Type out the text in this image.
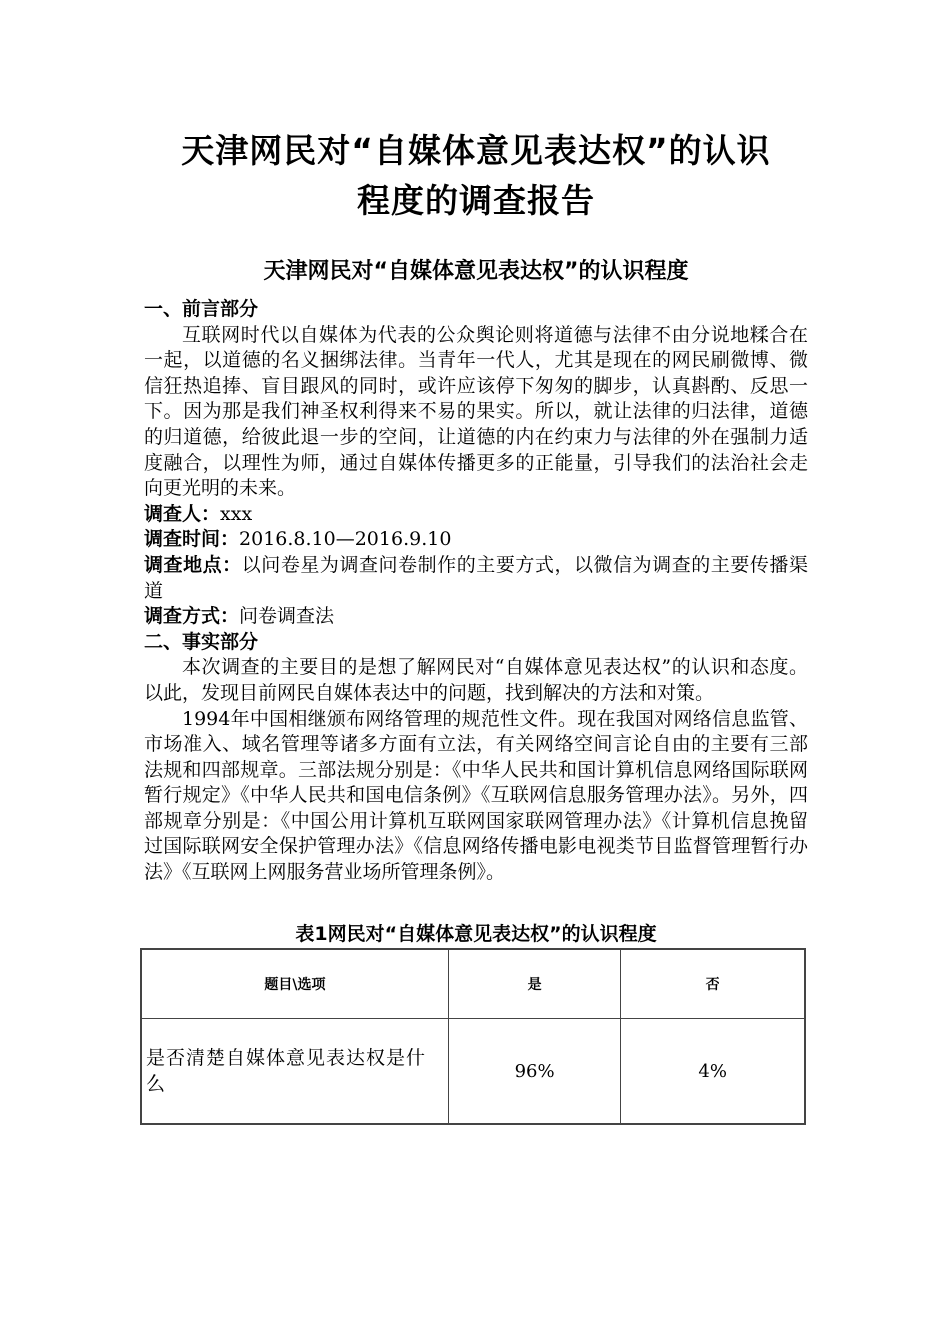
天津网民对“自媒体意见表达权”的认识
程度的调查报告
天津网民对“自媒体意见表达权”的认识程度

一、前言部分

互联网时代以自媒体为代表的公众舆论则将道德与法律不由分说地糅合在一起，以道德的名义捆绑法律。当青年一代人，尤其是现在的网民刷微博、微信狂热追捧、盲目跟风的同时，或许应该停下匆匆的脚步，认真斟酌、反思一下。因为那是我们神圣权利得来不易的果实。所以，就让法律的归法律，道德的归道德，给彼此退一步的空间，让道德的内在约束力与法律的外在强制力适度融合，以理性为师，通过自媒体传播更多的正能量，引导我们的法治社会走向更光明的未来。

调查人：xxx

调查时间：2016.8.10—2016.9.10

调查地点：以问卷星为调查问卷制作的主要方式，以微信为调查的主要传播渠道

调查方式：问卷调查法

二、事实部分

本次调查的主要目的是想了解网民对“自媒体意见表达权”的认识和态度。以此，发现目前网民自媒体表达中的问题，找到解决的方法和对策。

1994年中国相继颁布网络管理的规范性文件。现在我国对网络信息监管、市场准入、域名管理等诸多方面有立法，有关网络空间言论自由的主要有三部法规和四部规章。三部法规分别是：《中华人民共和国计算机信息网络国际联网暂行规定》《中华人民共和国电信条例》《互联网信息服务管理办法》。另外，四部规章分别是：《中国公用计算机互联网国家联网管理办法》《计算机信息挽留过国际联网安全保护管理办法》《信息网络传播电影电视类节目监督管理暂行办法》《互联网上网服务营业场所管理条例》。

表1网民对“自媒体意见表达权”的认识程度
题目\选项	是	否
是否清楚自媒体意见表达权是什么	96%	4%
